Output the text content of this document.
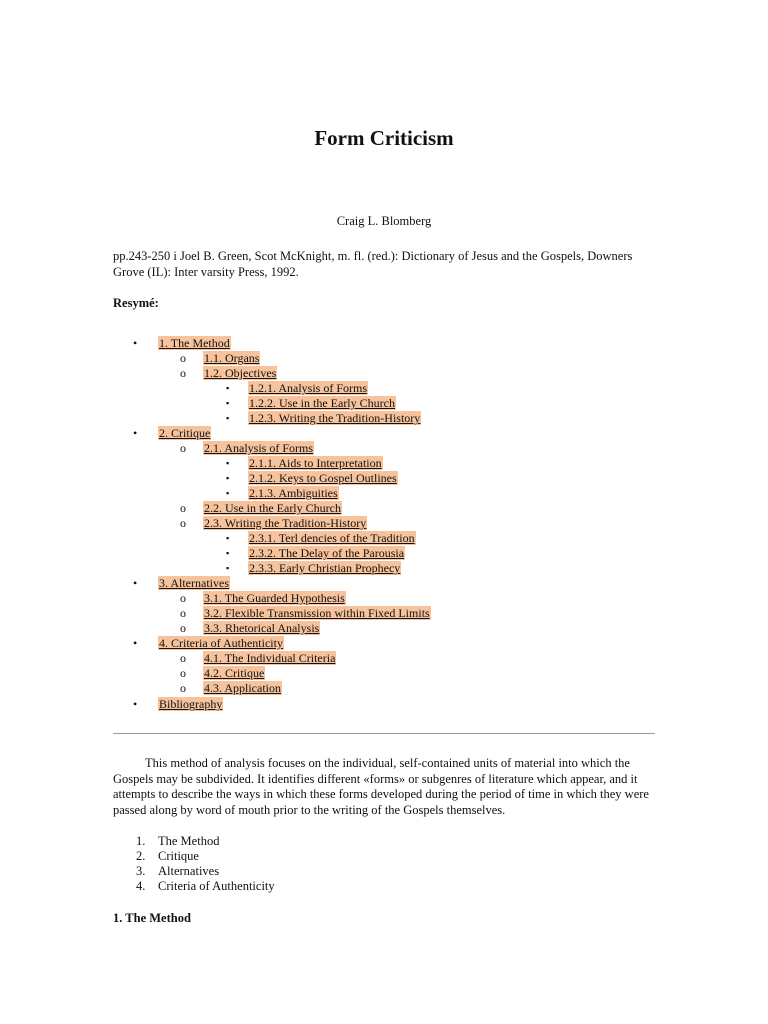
Form Criticism
Craig L. Blomberg
pp.243-250 i Joel B. Green, Scot McKnight, m. fl. (red.): Dictionary of Jesus and the Gospels, Downers Grove (IL): Inter varsity Press, 1992.
Resymé:
• 1. The Method
o 1.1. Organs
o 1.2. Objectives
▪ 1.2.1. Analysis of Forms
▪ 1.2.2. Use in the Early Church
▪ 1.2.3. Writing the Tradition-History
• 2. Critique
o 2.1. Analysis of Forms
▪ 2.1.1. Aids to Interpretation
▪ 2.1.2. Keys to Gospel Outlines
▪ 2.1.3. Ambiguities
o 2.2. Use in the Early Church
o 2.3. Writing the Tradition-History
▪ 2.3.1. Terl dencies of the Tradition
▪ 2.3.2. The Delay of the Parousia
▪ 2.3.3. Early Christian Prophecy
• 3. Alternatives
o 3.1. The Guarded Hypothesis
o 3.2. Flexible Transmission within Fixed Limits
o 3.3. Rhetorical Analysis
• 4. Criteria of Authenticity
o 4.1. The Individual Criteria
o 4.2. Critique
o 4.3. Application
• Bibliography

This method of analysis focuses on the individual, self-contained units of material into which the Gospels may be subdivided. It identifies different «forms» or subgenres of literature which appear, and it attempts to describe the ways in which these forms developed during the period of time in which they were passed along by word of mouth prior to the writing of the Gospels themselves.

1. The Method
2. Critique
3. Alternatives
4. Criteria of Authenticity
1. The Method
